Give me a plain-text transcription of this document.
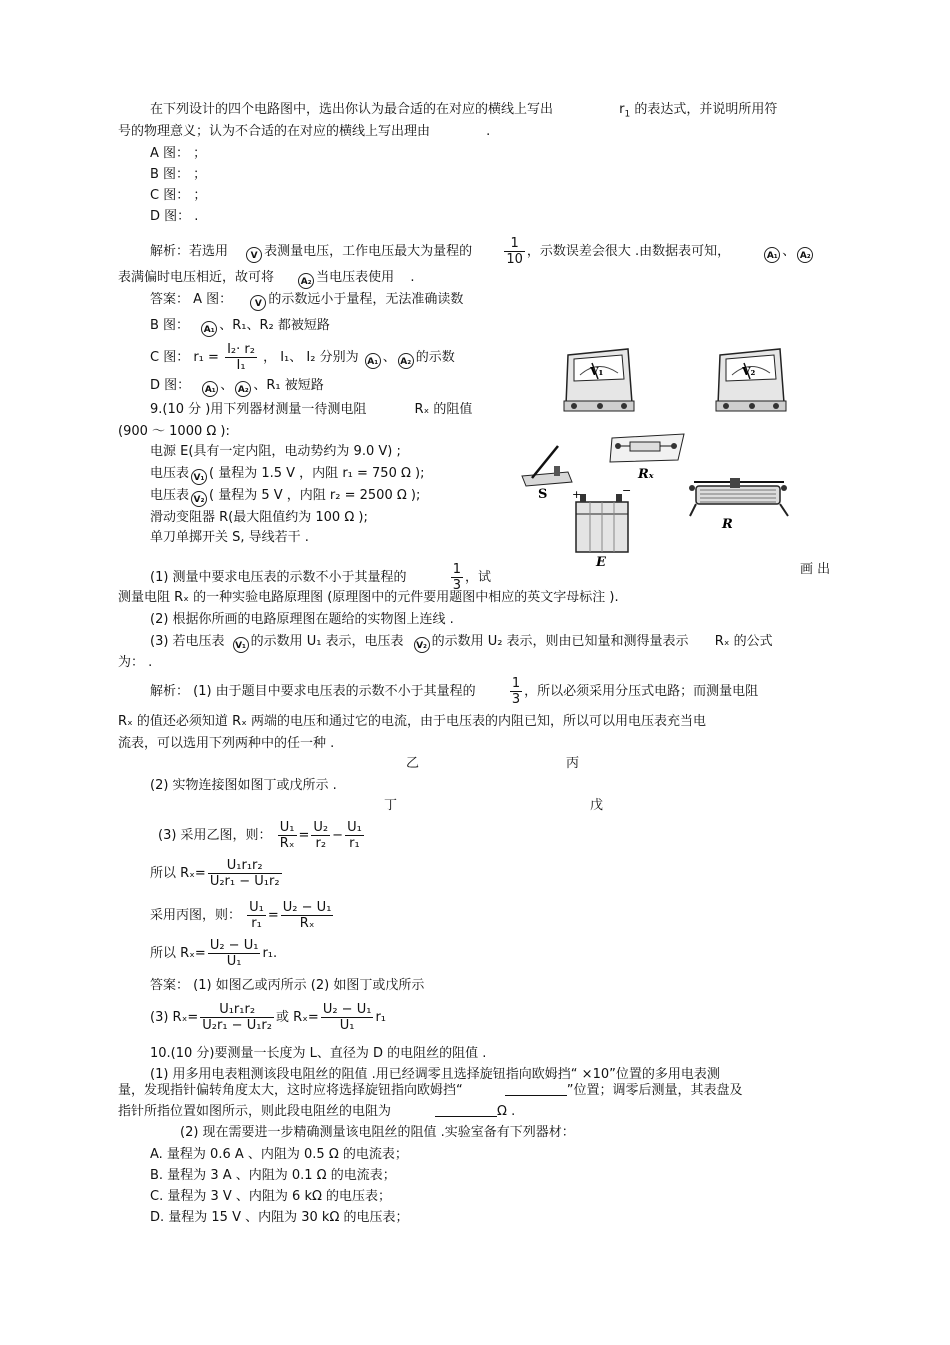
在下列设计的四个电路图中，选出你认为最合适的在对应的横线上写出	$r_1$ 的表达式，并说明所用符
号的物理意义；认为不合适的在对应的横线上写出理由	.
A 图： ；
B 图： ；
C 图： ；
D 图： .
解析：若选用	V 表测量电压，工作电压最大为量程的 $\frac{1}{10}$ ，示数误差会很大 .由数据表可知，	A₁ 、 A₂
表满偏时电压相近，故可将	A₂ 当电压表使用 .
答案： A 图：	V 的示数远小于量程，无法准确读数
B 图： A₁ 、R₁、R₂ 都被短路
C 图： $r_1 = \frac{\text{I₂· r₂}}{\text{I₁}}$ ， I₁、 I₂ 分别为 A₁ 、 A₂ 的示数
D 图： A₁ 、 A₂ 、R₁ 被短路
9.(10 分 )用下列器材测量一待测电阻	Rₓ 的阻值
(900 ～ 1000 Ω ):
电源 E(具有一定内阻，电动势约为 9.0 V) ;
电压表 V₁ ( 量程为 1.5 V ，内阻 r₁ = 750 Ω );
电压表 V₂ ( 量程为 5 V ，内阻 r₂ = 2500 Ω );
滑动变阻器 R(最大阻值约为 100 Ω );
单刀单掷开关 S, 导线若干 .
V₁	V₂
S
Rₓ
+	−
E
R
(1) 测量中要求电压表的示数不小于其量程的	$\frac{1}{3}$ ，试
画 出
测量电阻 Rₓ 的一种实验电路原理图 (原理图中的元件要用题图中相应的英文字母标注 ).
(2) 根据你所画的电路原理图在题给的实物图上连线 .
(3) 若电压表 V₁ 的示数用 U₁ 表示，电压表 V₂ 的示数用 U₂ 表示，则由已知量和测得量表示 Rₓ 的公式
为： .
解析： (1) 由于题目中要求电压表的示数不小于其量程的	$\frac{1}{3}$ ，所以必须采用分压式电路；而测量电阻
Rₓ 的值还必须知道 Rₓ 两端的电压和通过它的电流，由于电压表的内阻已知，所以可以用电压表充当电
流表，可以选用下列两种中的任一种 .
乙	丙
(2) 实物连接图如图丁或戊所示 .
丁	戊
(3) 采用乙图，则： $\frac{\text{U₁}}{\text{Rₓ}} = \frac{\text{U₂}}{\text{r₂}} - \frac{\text{U₁}}{\text{r₁}}$
所以 $R_x= \frac{\text{U₁r₁r₂}}{\text{U₂r₁ − U₁r₂}}$
采用丙图，则： $\frac{\text{U₁}}{\text{r₁}} = \frac{\text{U₂ − U₁}}{\text{Rₓ}}$
所以 $R_x= \frac{\text{U₂ − U₁}}{\text{U₁}} r_1$.
答案： (1) 如图乙或丙所示 (2) 如图丁或戊所示
(3) $R_x= \frac{\text{U₁r₁r₂}}{\text{U₂r₁ − U₁r₂}}$ 或 $R_x= \frac{\text{U₂ − U₁}}{\text{U₁}} r_1$
10.(10 分)要测量一长度为 L、直径为 D 的电阻丝的阻值 .
(1) 用多用电表粗测该段电阻丝的阻值 .用已经调零且选择旋钮指向欧姆挡“ ×10”位置的多用电表测
量，发现指针偏转角度太大，这时应将选择旋钮指向欧姆挡“	”位置；调零后测量，其表盘及
指针所指位置如图所示，则此段电阻丝的电阻为	Ω .
(2) 现在需要进一步精确测量该电阻丝的阻值 .实验室备有下列器材：
A. 量程为 0.6 A 、内阻为 0.5 Ω 的电流表；
B. 量程为 3 A 、内阻为 0.1 Ω 的电流表；
C. 量程为 3 V 、内阻为 6 kΩ 的电压表；
D. 量程为 15 V 、内阻为 30 kΩ 的电压表；
